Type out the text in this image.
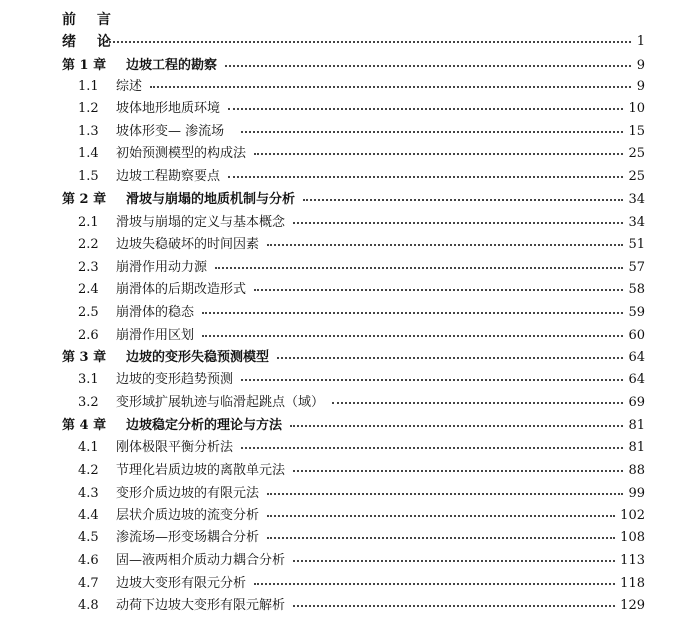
前 言
绪 论	1
第 1 章 边坡工程的勘察	9
1.1 综述	9
1.2 坡体地形地质环境	10
1.3 坡体形变— 渗流场	15
1.4 初始预测模型的构成法	25
1.5 边坡工程勘察要点	25
第 2 章 滑坡与崩塌的地质机制与分析	34
2.1 滑坡与崩塌的定义与基本概念	34
2.2 边坡失稳破坏的时间因素	51
2.3 崩滑作用动力源	57
2.4 崩滑体的后期改造形式	58
2.5 崩滑体的稳态	59
2.6 崩滑作用区划	60
第 3 章 边坡的变形失稳预测模型	64
3.1 边坡的变形趋势预测	64
3.2 变形域扩展轨迹与临滑起跳点（域）	69
第 4 章 边坡稳定分析的理论与方法	81
4.1 刚体极限平衡分析法	81
4.2 节理化岩质边坡的离散单元法	88
4.3 变形介质边坡的有限元法	99
4.4 层状介质边坡的流变分析	102
4.5 渗流场—形变场耦合分析	108
4.6 固—液两相介质动力耦合分析	113
4.7 边坡大变形有限元分析	118
4.8 动荷下边坡大变形有限元解析	129
